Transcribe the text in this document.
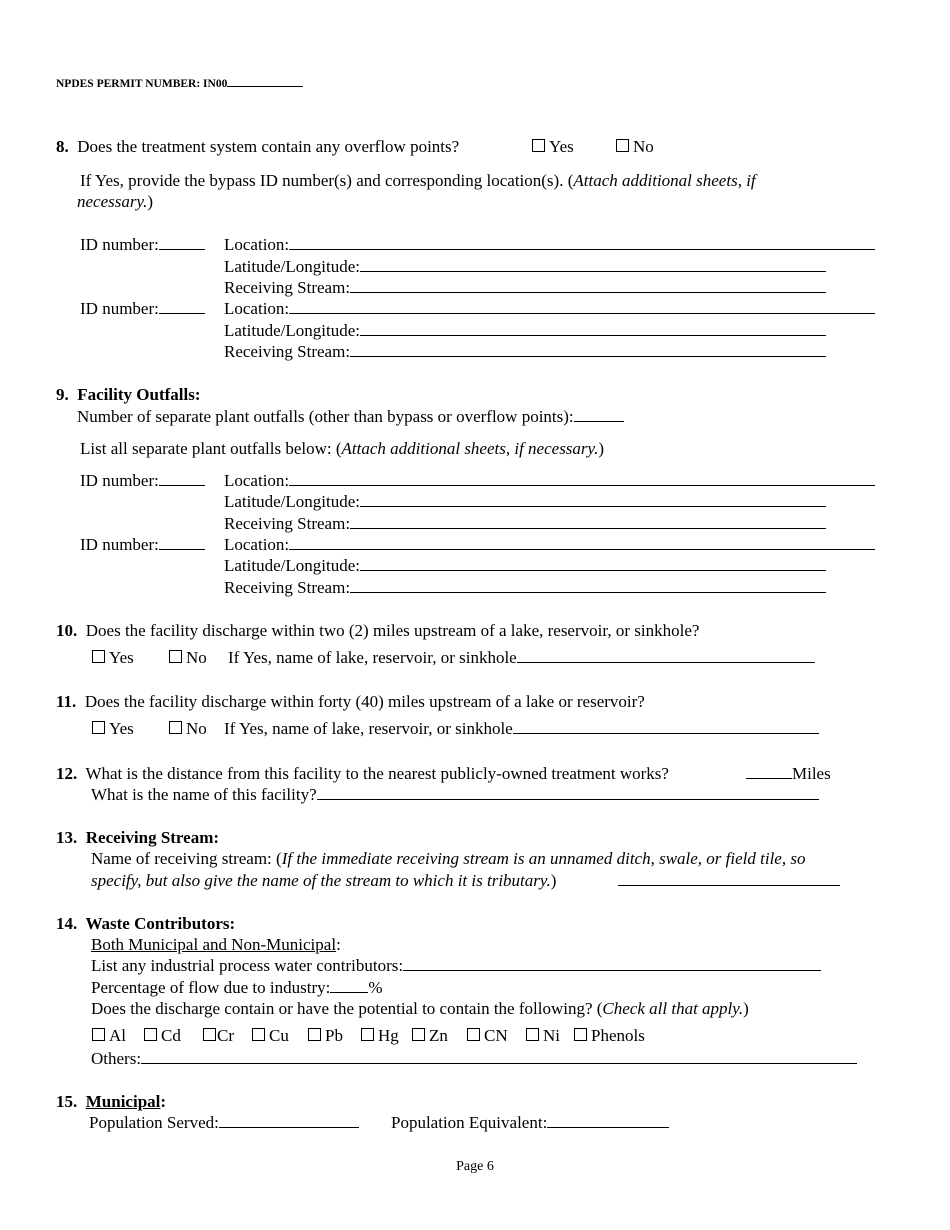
NPDES PERMIT NUMBER: IN00
8. Does the treatment system contain any overflow points?	Yes	No
If Yes, provide the bypass ID number(s) and corresponding location(s). (Attach additional sheets, if
necessary.)
ID number:	Location:
Latitude/Longitude:
Receiving Stream:
ID number:	Location:
Latitude/Longitude:
Receiving Stream:
9. Facility Outfalls:
Number of separate plant outfalls (other than bypass or overflow points):
List all separate plant outfalls below: (Attach additional sheets, if necessary.)
ID number:	Location:
Latitude/Longitude:
Receiving Stream:
ID number:	Location:
Latitude/Longitude:
Receiving Stream:
10. Does the facility discharge within two (2) miles upstream of a lake, reservoir, or sinkhole?
Yes	No If Yes, name of lake, reservoir, or sinkhole
11. Does the facility discharge within forty (40) miles upstream of a lake or reservoir?
Yes	No If Yes, name of lake, reservoir, or sinkhole
12. What is the distance from this facility to the nearest publicly-owned treatment works?	Miles
What is the name of this facility?
13. Receiving Stream:
Name of receiving stream: (If the immediate receiving stream is an unnamed ditch, swale, or field tile, so
specify, but also give the name of the stream to which it is tributary.)
14. Waste Contributors:
Both Municipal and Non-Municipal:
List any industrial process water contributors:
Percentage of flow due to industry: %
Does the discharge contain or have the potential to contain the following? (Check all that apply.)
Al	Cd	Cr	Cu	Pb	Hg	Zn	CN	Ni	Phenols
Others:
15. Municipal:
Population Served:	Population Equivalent:
Page 6
